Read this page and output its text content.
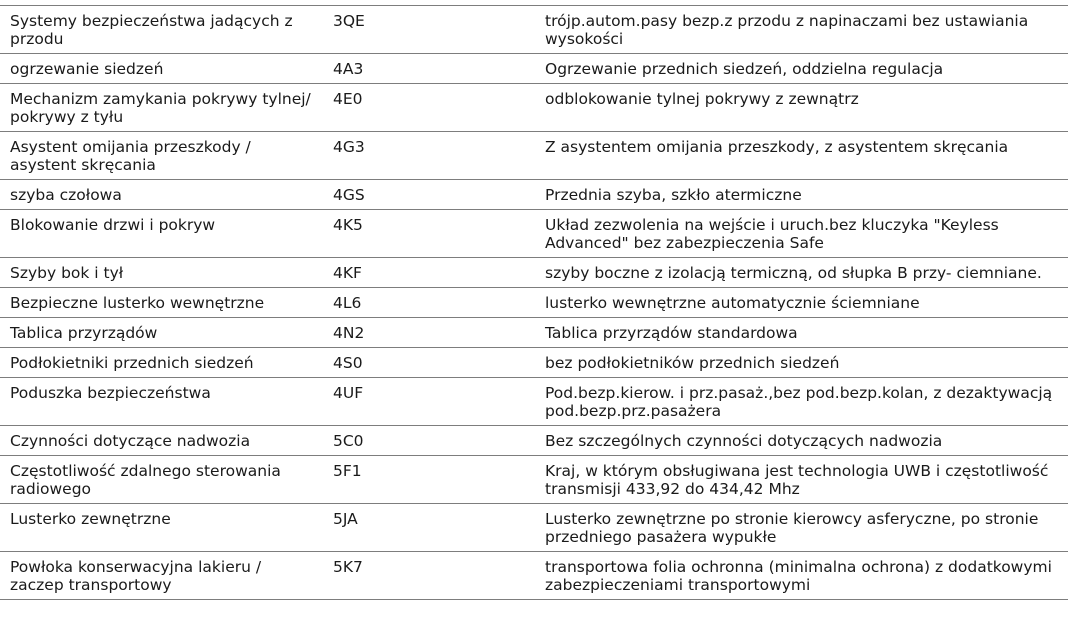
Systemy bezpieczeństwa jadących z przodu	3QE	trójp.autom.pasy bezp.z przodu z napinaczami bez ustawiania wysokości
ogrzewanie siedzeń	4A3	Ogrzewanie przednich siedzeń, oddzielna regulacja
Mechanizm zamykania pokrywy tylnej/ pokrywy z tyłu	4E0	odblokowanie tylnej pokrywy z zewnątrz
Asystent omijania przeszkody / asystent skręcania	4G3	Z asystentem omijania przeszkody, z asystentem skręcania
szyba czołowa	4GS	Przednia szyba, szkło atermiczne
Blokowanie drzwi i pokryw	4K5	Układ zezwolenia na wejście i uruch.bez kluczyka "Keyless Advanced" bez zabezpieczenia Safe
Szyby bok i tył	4KF	szyby boczne z izolacją termiczną, od słupka B przy- ciemniane.
Bezpieczne lusterko wewnętrzne	4L6	lusterko wewnętrzne automatycznie ściemniane
Tablica przyrządów	4N2	Tablica przyrządów standardowa
Podłokietniki przednich siedzeń	4S0	bez podłokietników przednich siedzeń
Poduszka bezpieczeństwa	4UF	Pod.bezp.kierow. i prz.pasaż.,bez pod.bezp.kolan, z dezaktywacją pod.bezp.prz.pasażera
Czynności dotyczące nadwozia	5C0	Bez szczególnych czynności dotyczących nadwozia
Częstotliwość zdalnego sterowania radiowego	5F1	Kraj, w którym obsługiwana jest technologia UWB i częstotliwość transmisji 433,92 do 434,42 Mhz
Lusterko zewnętrzne	5JA	Lusterko zewnętrzne po stronie kierowcy asferyczne, po stronie przedniego pasażera wypukłe
Powłoka konserwacyjna lakieru / zaczep transportowy	5K7	transportowa folia ochronna (minimalna ochrona) z dodatkowymi zabezpieczeniami transportowymi
